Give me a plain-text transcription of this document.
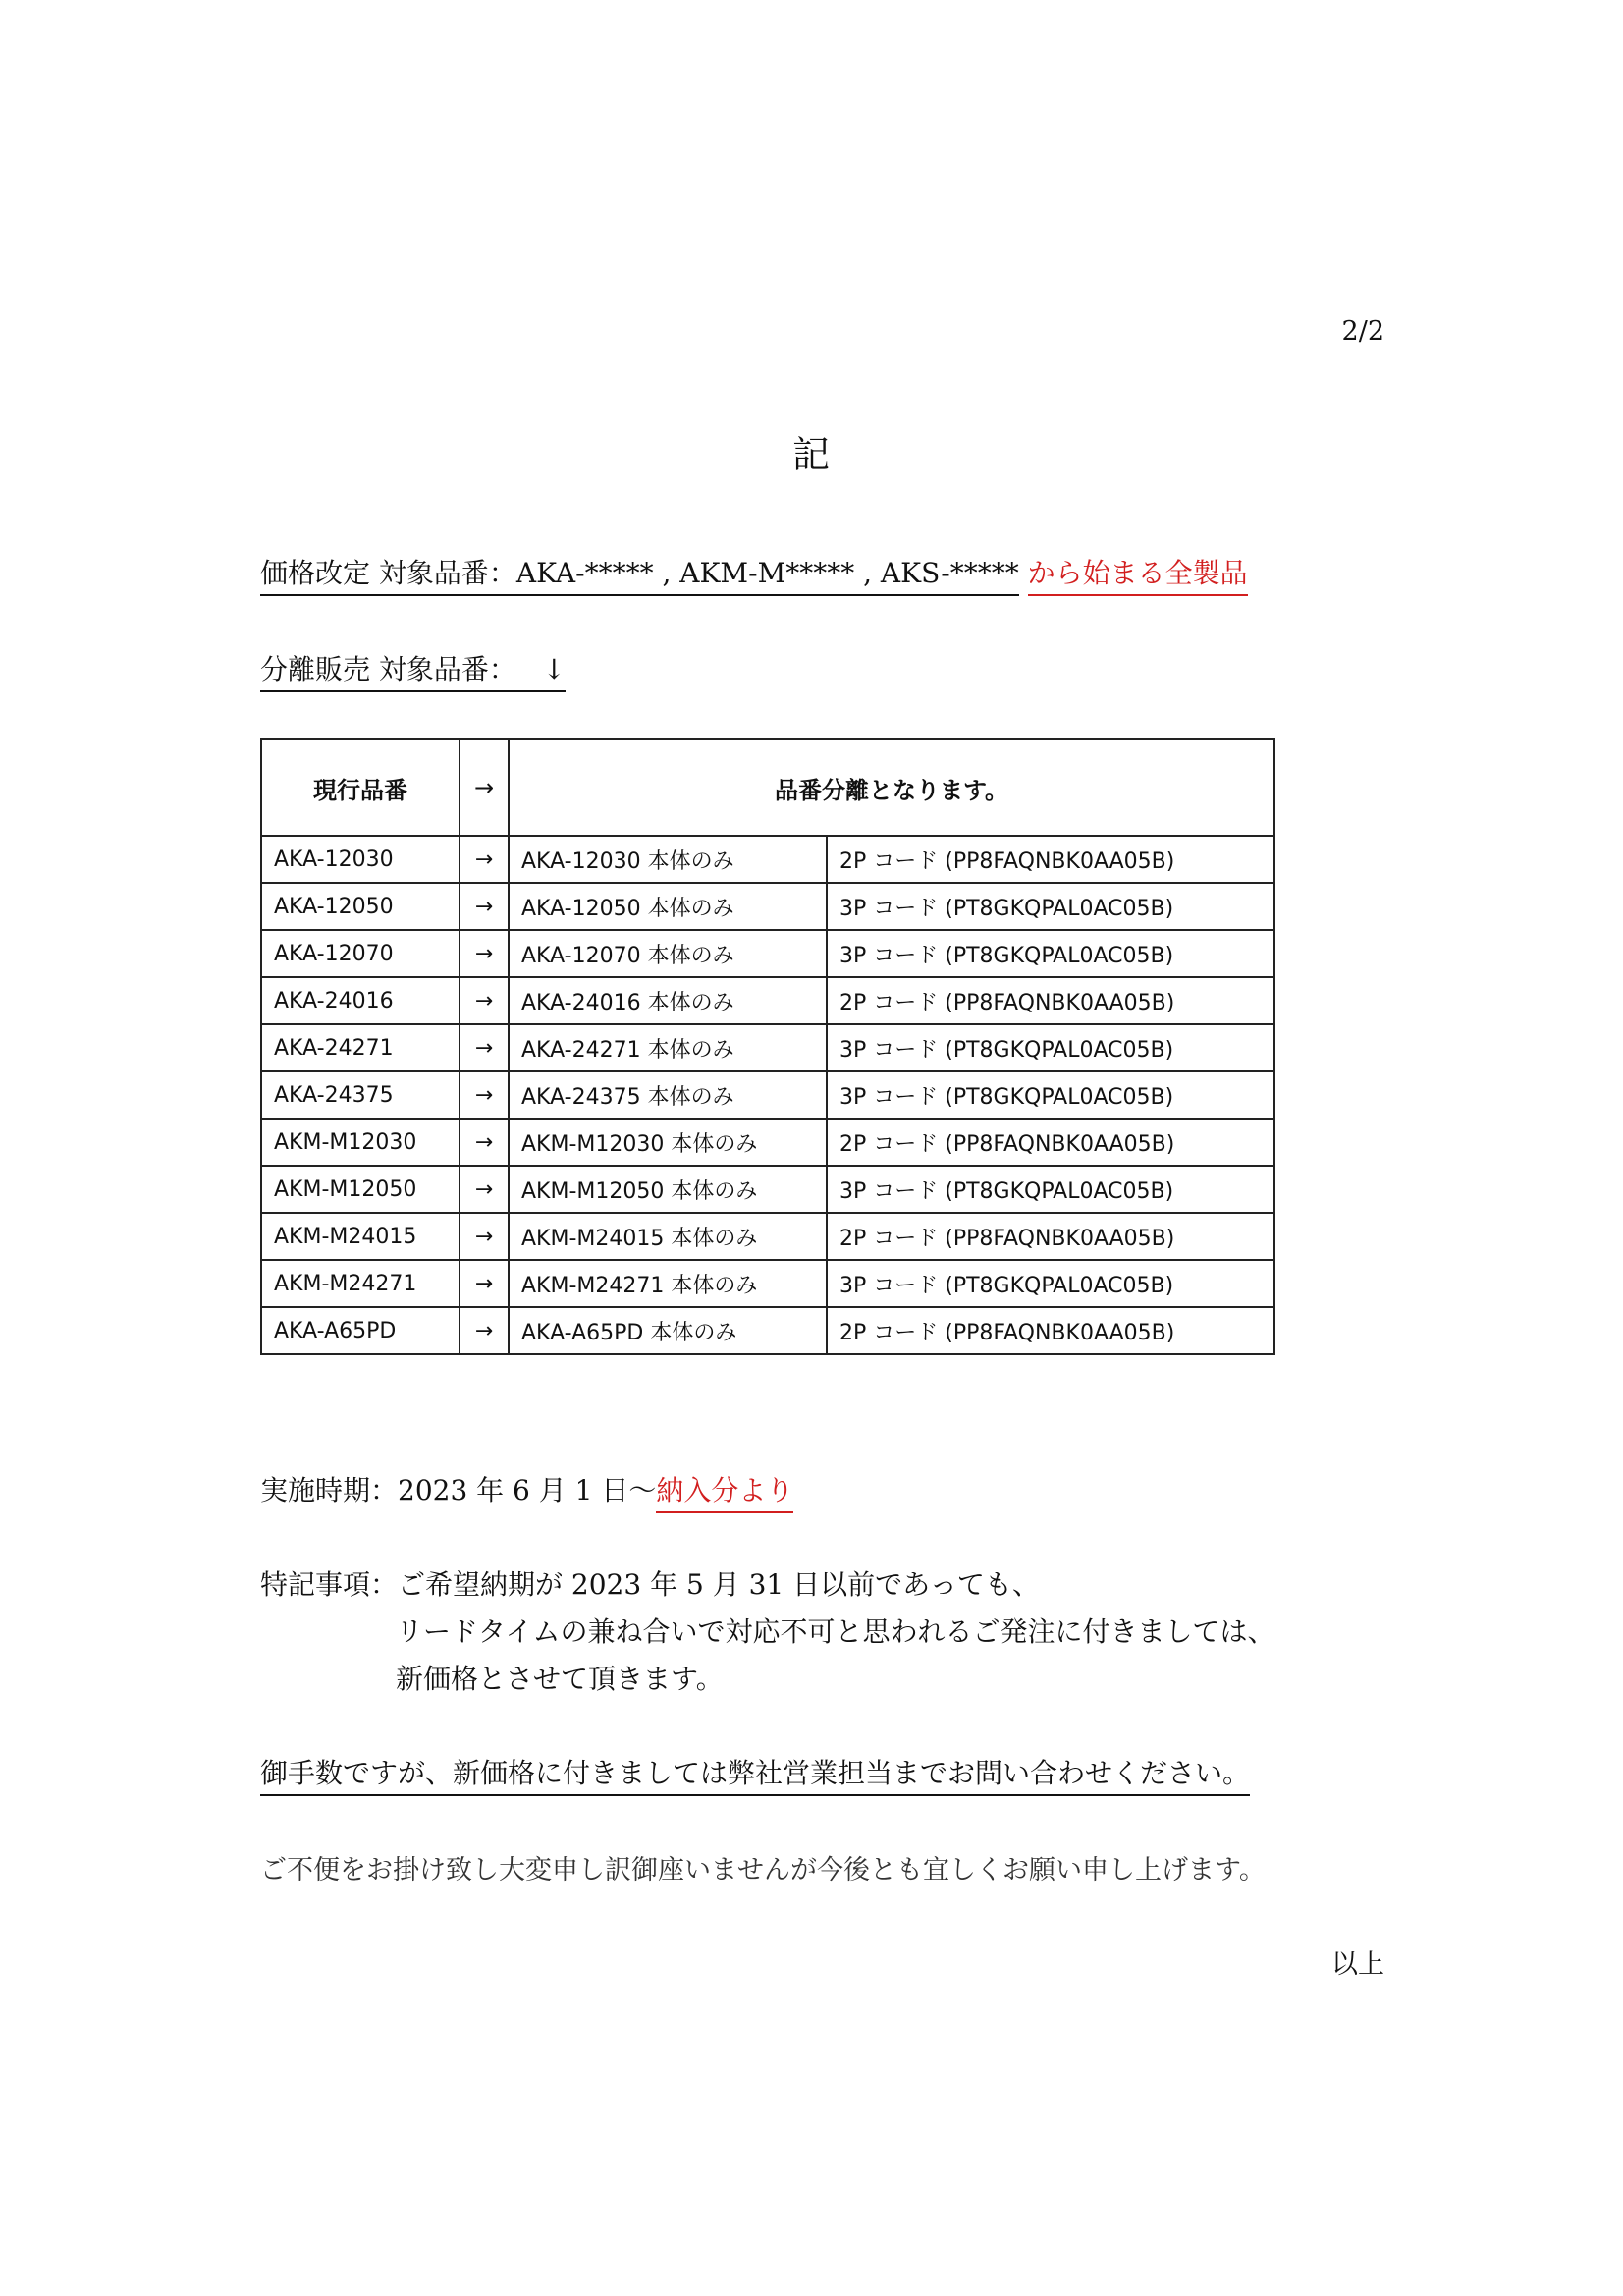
2/2
記
価格改定 対象品番：AKA-***** , AKM-M***** , AKS-***** から始まる全製品
分離販売 対象品番： ↓
現行品番	→	品番分離となります。	
AKA-12030	→	AKA-12030 本体のみ	2P コード (PP8FAQNBK0AA05B)
AKA-12050	→	AKA-12050 本体のみ	3P コード (PT8GKQPAL0AC05B)
AKA-12070	→	AKA-12070 本体のみ	3P コード (PT8GKQPAL0AC05B)
AKA-24016	→	AKA-24016 本体のみ	2P コード (PP8FAQNBK0AA05B)
AKA-24271	→	AKA-24271 本体のみ	3P コード (PT8GKQPAL0AC05B)
AKA-24375	→	AKA-24375 本体のみ	3P コード (PT8GKQPAL0AC05B)
AKM-M12030	→	AKM-M12030 本体のみ	2P コード (PP8FAQNBK0AA05B)
AKM-M12050	→	AKM-M12050 本体のみ	3P コード (PT8GKQPAL0AC05B)
AKM-M24015	→	AKM-M24015 本体のみ	2P コード (PP8FAQNBK0AA05B)
AKM-M24271	→	AKM-M24271 本体のみ	3P コード (PT8GKQPAL0AC05B)
AKA-A65PD	→	AKA-A65PD 本体のみ	2P コード (PP8FAQNBK0AA05B)
実施時期：2023 年 6 月 1 日〜納入分より
特記事項：ご希望納期が 2023 年 5 月 31 日以前であっても、
リードタイムの兼ね合いで対応不可と思われるご発注に付きましては、
新価格とさせて頂きます。
御手数ですが、新価格に付きましては弊社営業担当までお問い合わせください。
ご不便をお掛け致し大変申し訳御座いませんが今後とも宜しくお願い申し上げます。
以上
